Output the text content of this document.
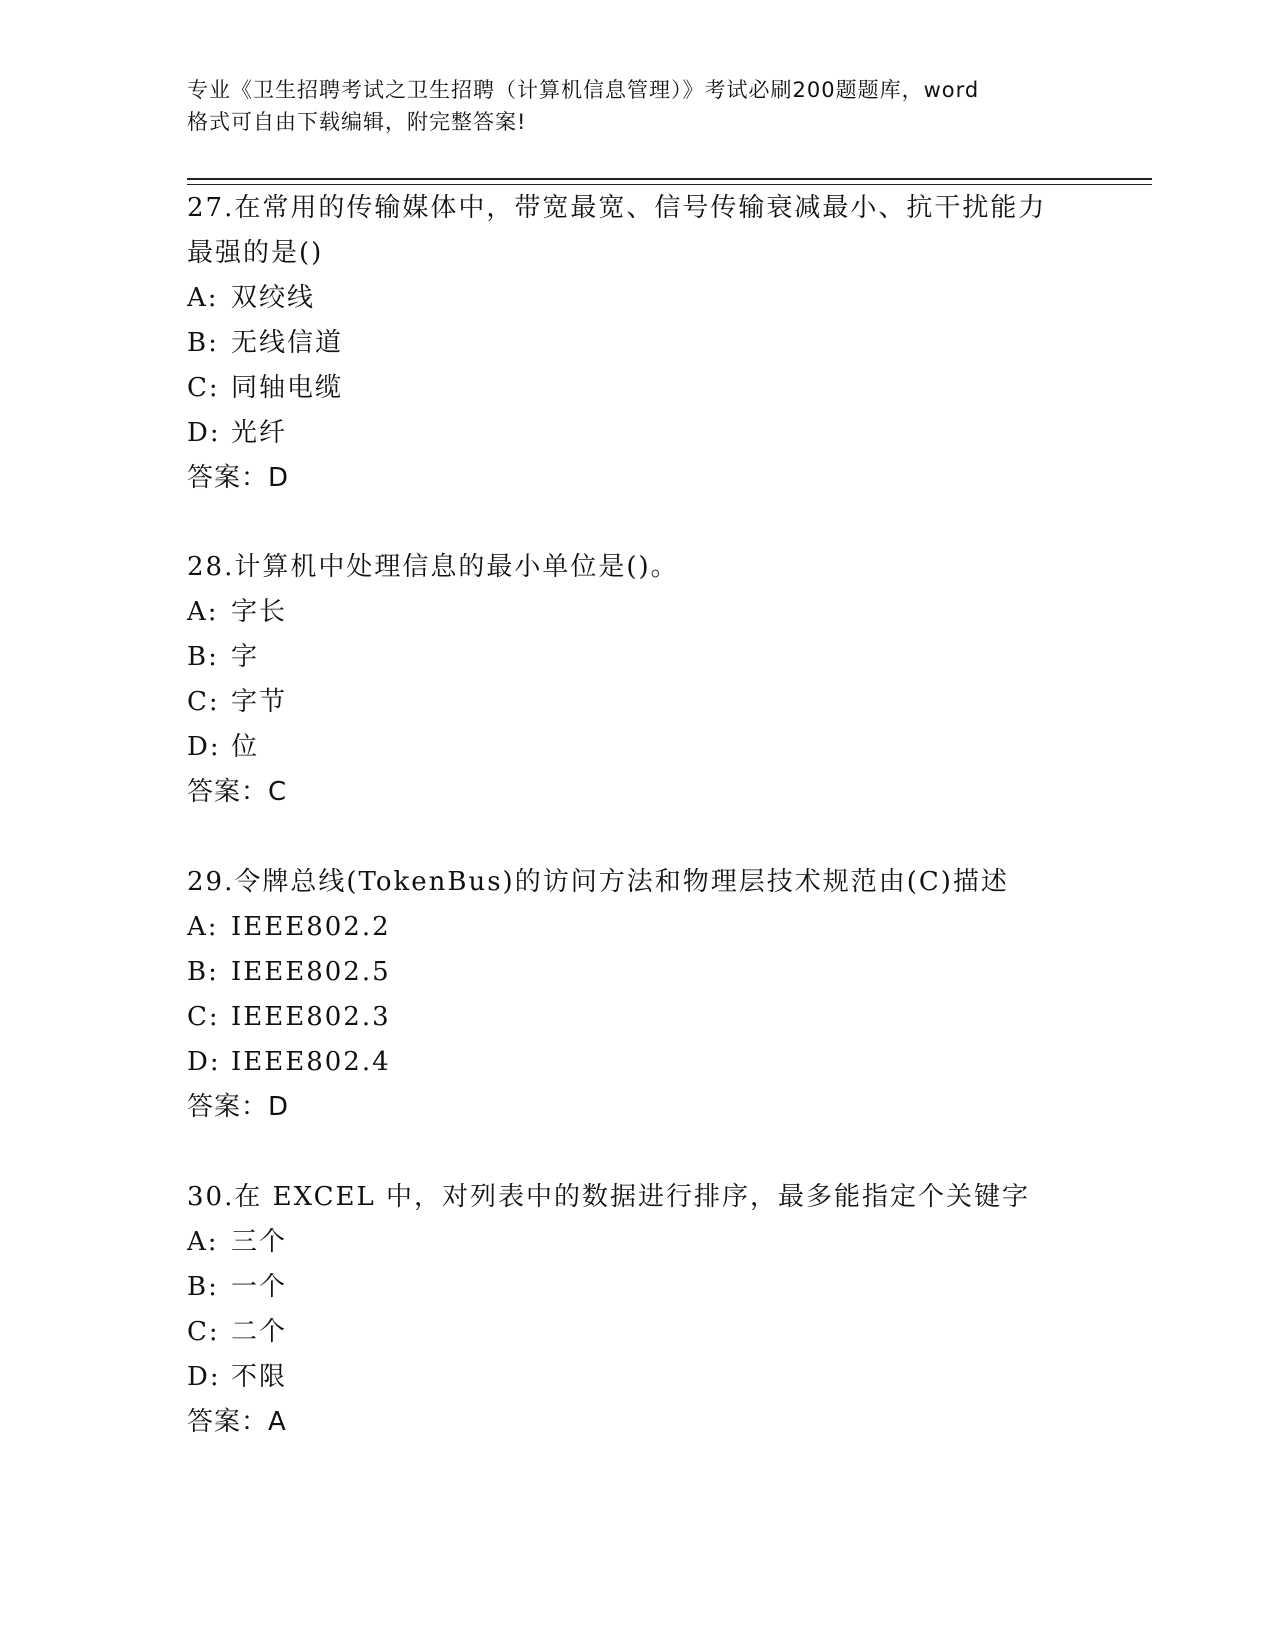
专业《卫生招聘考试之卫生招聘（计算机信息管理）》考试必刷200题题库，word
格式可自由下载编辑，附完整答案!
27.在常用的传输媒体中，带宽最宽、信号传输衰减最小、抗干扰能力
最强的是()
A: 双绞线
B: 无线信道
C: 同轴电缆
D: 光纤
答案：D
28.计算机中处理信息的最小单位是()。
A: 字长
B: 字
C: 字节
D: 位
答案：C
29.令牌总线(TokenBus)的访问方法和物理层技术规范由(C)描述
A: IEEE802.2
B: IEEE802.5
C: IEEE802.3
D: IEEE802.4
答案：D
30.在 EXCEL 中，对列表中的数据进行排序，最多能指定个关键字
A: 三个
B: 一个
C: 二个
D: 不限
答案：A
